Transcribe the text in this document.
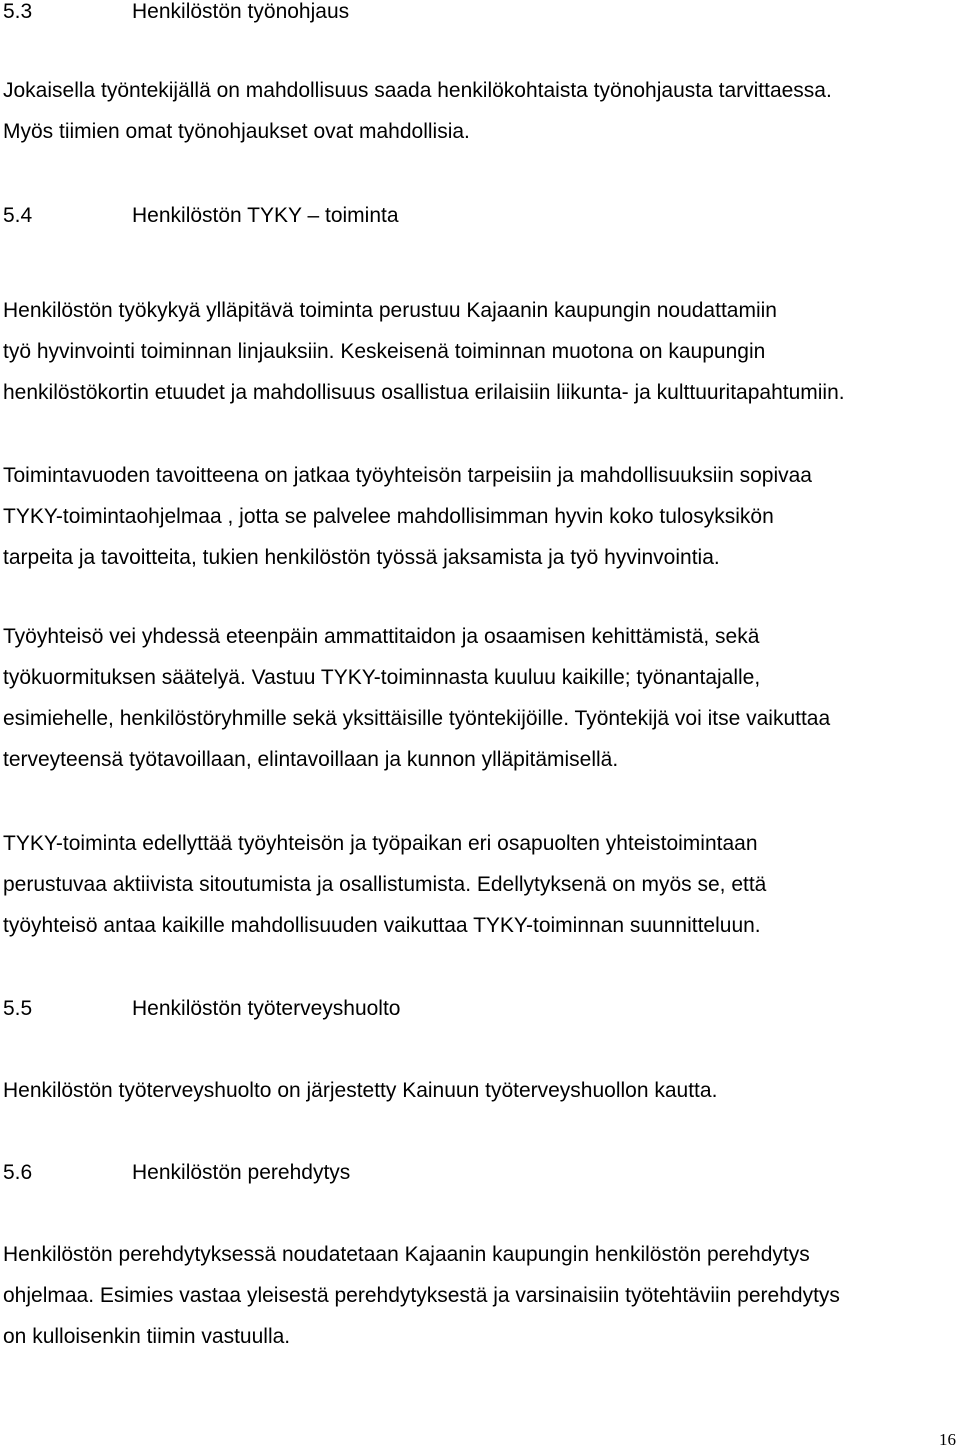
5.3	Henkilöstön työnohjaus

Jokaisella työntekijällä on mahdollisuus saada henkilökohtaista työnohjausta tarvittaessa.
Myös tiimien omat työnohjaukset ovat mahdollisia.

5.4	Henkilöstön TYKY – toiminta

Henkilöstön työkykyä ylläpitävä toiminta perustuu Kajaanin kaupungin noudattamiin
työ hyvinvointi toiminnan linjauksiin. Keskeisenä toiminnan muotona on kaupungin
henkilöstökortin etuudet ja mahdollisuus osallistua erilaisiin liikunta- ja kulttuuritapahtumiin.

Toimintavuoden tavoitteena on jatkaa työyhteisön tarpeisiin ja mahdollisuuksiin sopivaa
TYKY-toimintaohjelmaa , jotta se palvelee mahdollisimman hyvin koko tulosyksikön
tarpeita ja tavoitteita, tukien henkilöstön työssä jaksamista ja työ hyvinvointia.

Työyhteisö vei yhdessä eteenpäin ammattitaidon ja osaamisen kehittämistä, sekä
työkuormituksen säätelyä. Vastuu TYKY-toiminnasta kuuluu kaikille; työnantajalle,
esimiehelle, henkilöstöryhmille sekä yksittäisille työntekijöille. Työntekijä voi itse vaikuttaa
terveyteensä työtavoillaan, elintavoillaan ja kunnon ylläpitämisellä.

TYKY-toiminta edellyttää työyhteisön ja työpaikan eri osapuolten yhteistoimintaan
perustuvaa aktiivista sitoutumista ja osallistumista. Edellytyksenä on myös se, että
työyhteisö antaa kaikille mahdollisuuden vaikuttaa TYKY-toiminnan suunnitteluun.

5.5	Henkilöstön työterveyshuolto

Henkilöstön työterveyshuolto on järjestetty Kainuun työterveyshuollon kautta.

5.6	Henkilöstön perehdytys

Henkilöstön perehdytyksessä noudatetaan Kajaanin kaupungin henkilöstön perehdytys
ohjelmaa. Esimies vastaa yleisestä perehdytyksestä ja varsinaisiin työtehtäviin perehdytys
on kulloisenkin tiimin vastuulla.

16
